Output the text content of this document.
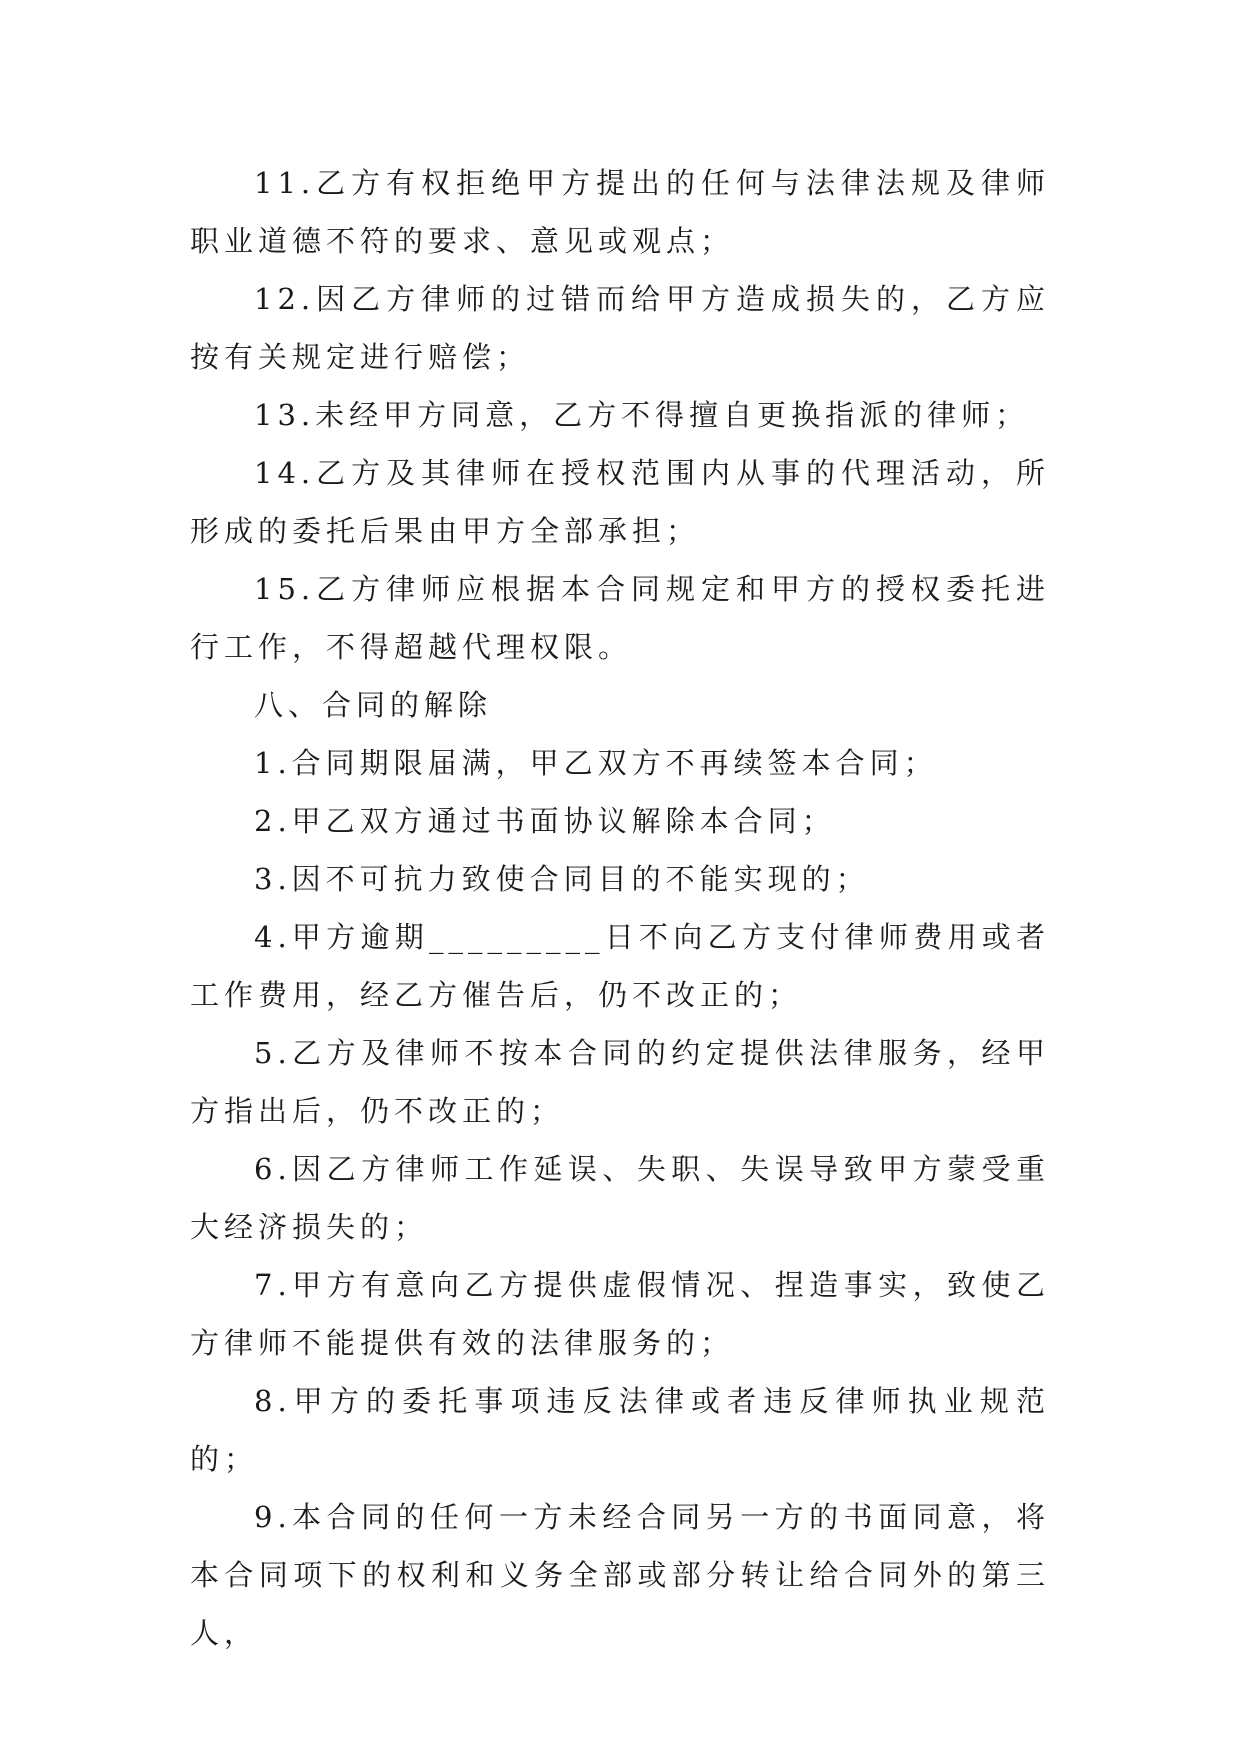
11.乙方有权拒绝甲方提出的任何与法律法规及律师职业道德不符的要求、意见或观点；

12.因乙方律师的过错而给甲方造成损失的，乙方应按有关规定进行赔偿；

13.未经甲方同意，乙方不得擅自更换指派的律师；

14.乙方及其律师在授权范围内从事的代理活动，所形成的委托后果由甲方全部承担；

15.乙方律师应根据本合同规定和甲方的授权委托进行工作，不得超越代理权限。

八、合同的解除

1.合同期限届满，甲乙双方不再续签本合同；

2.甲乙双方通过书面协议解除本合同；

3.因不可抗力致使合同目的不能实现的；

4.甲方逾期_________日不向乙方支付律师费用或者工作费用，经乙方催告后，仍不改正的；

5.乙方及律师不按本合同的约定提供法律服务，经甲方指出后，仍不改正的；

6.因乙方律师工作延误、失职、失误导致甲方蒙受重大经济损失的；

7.甲方有意向乙方提供虚假情况、捏造事实，致使乙方律师不能提供有效的法律服务的；

8.甲方的委托事项违反法律或者违反律师执业规范的；

9.本合同的任何一方未经合同另一方的书面同意，将本合同项下的权利和义务全部或部分转让给合同外的第三人，
